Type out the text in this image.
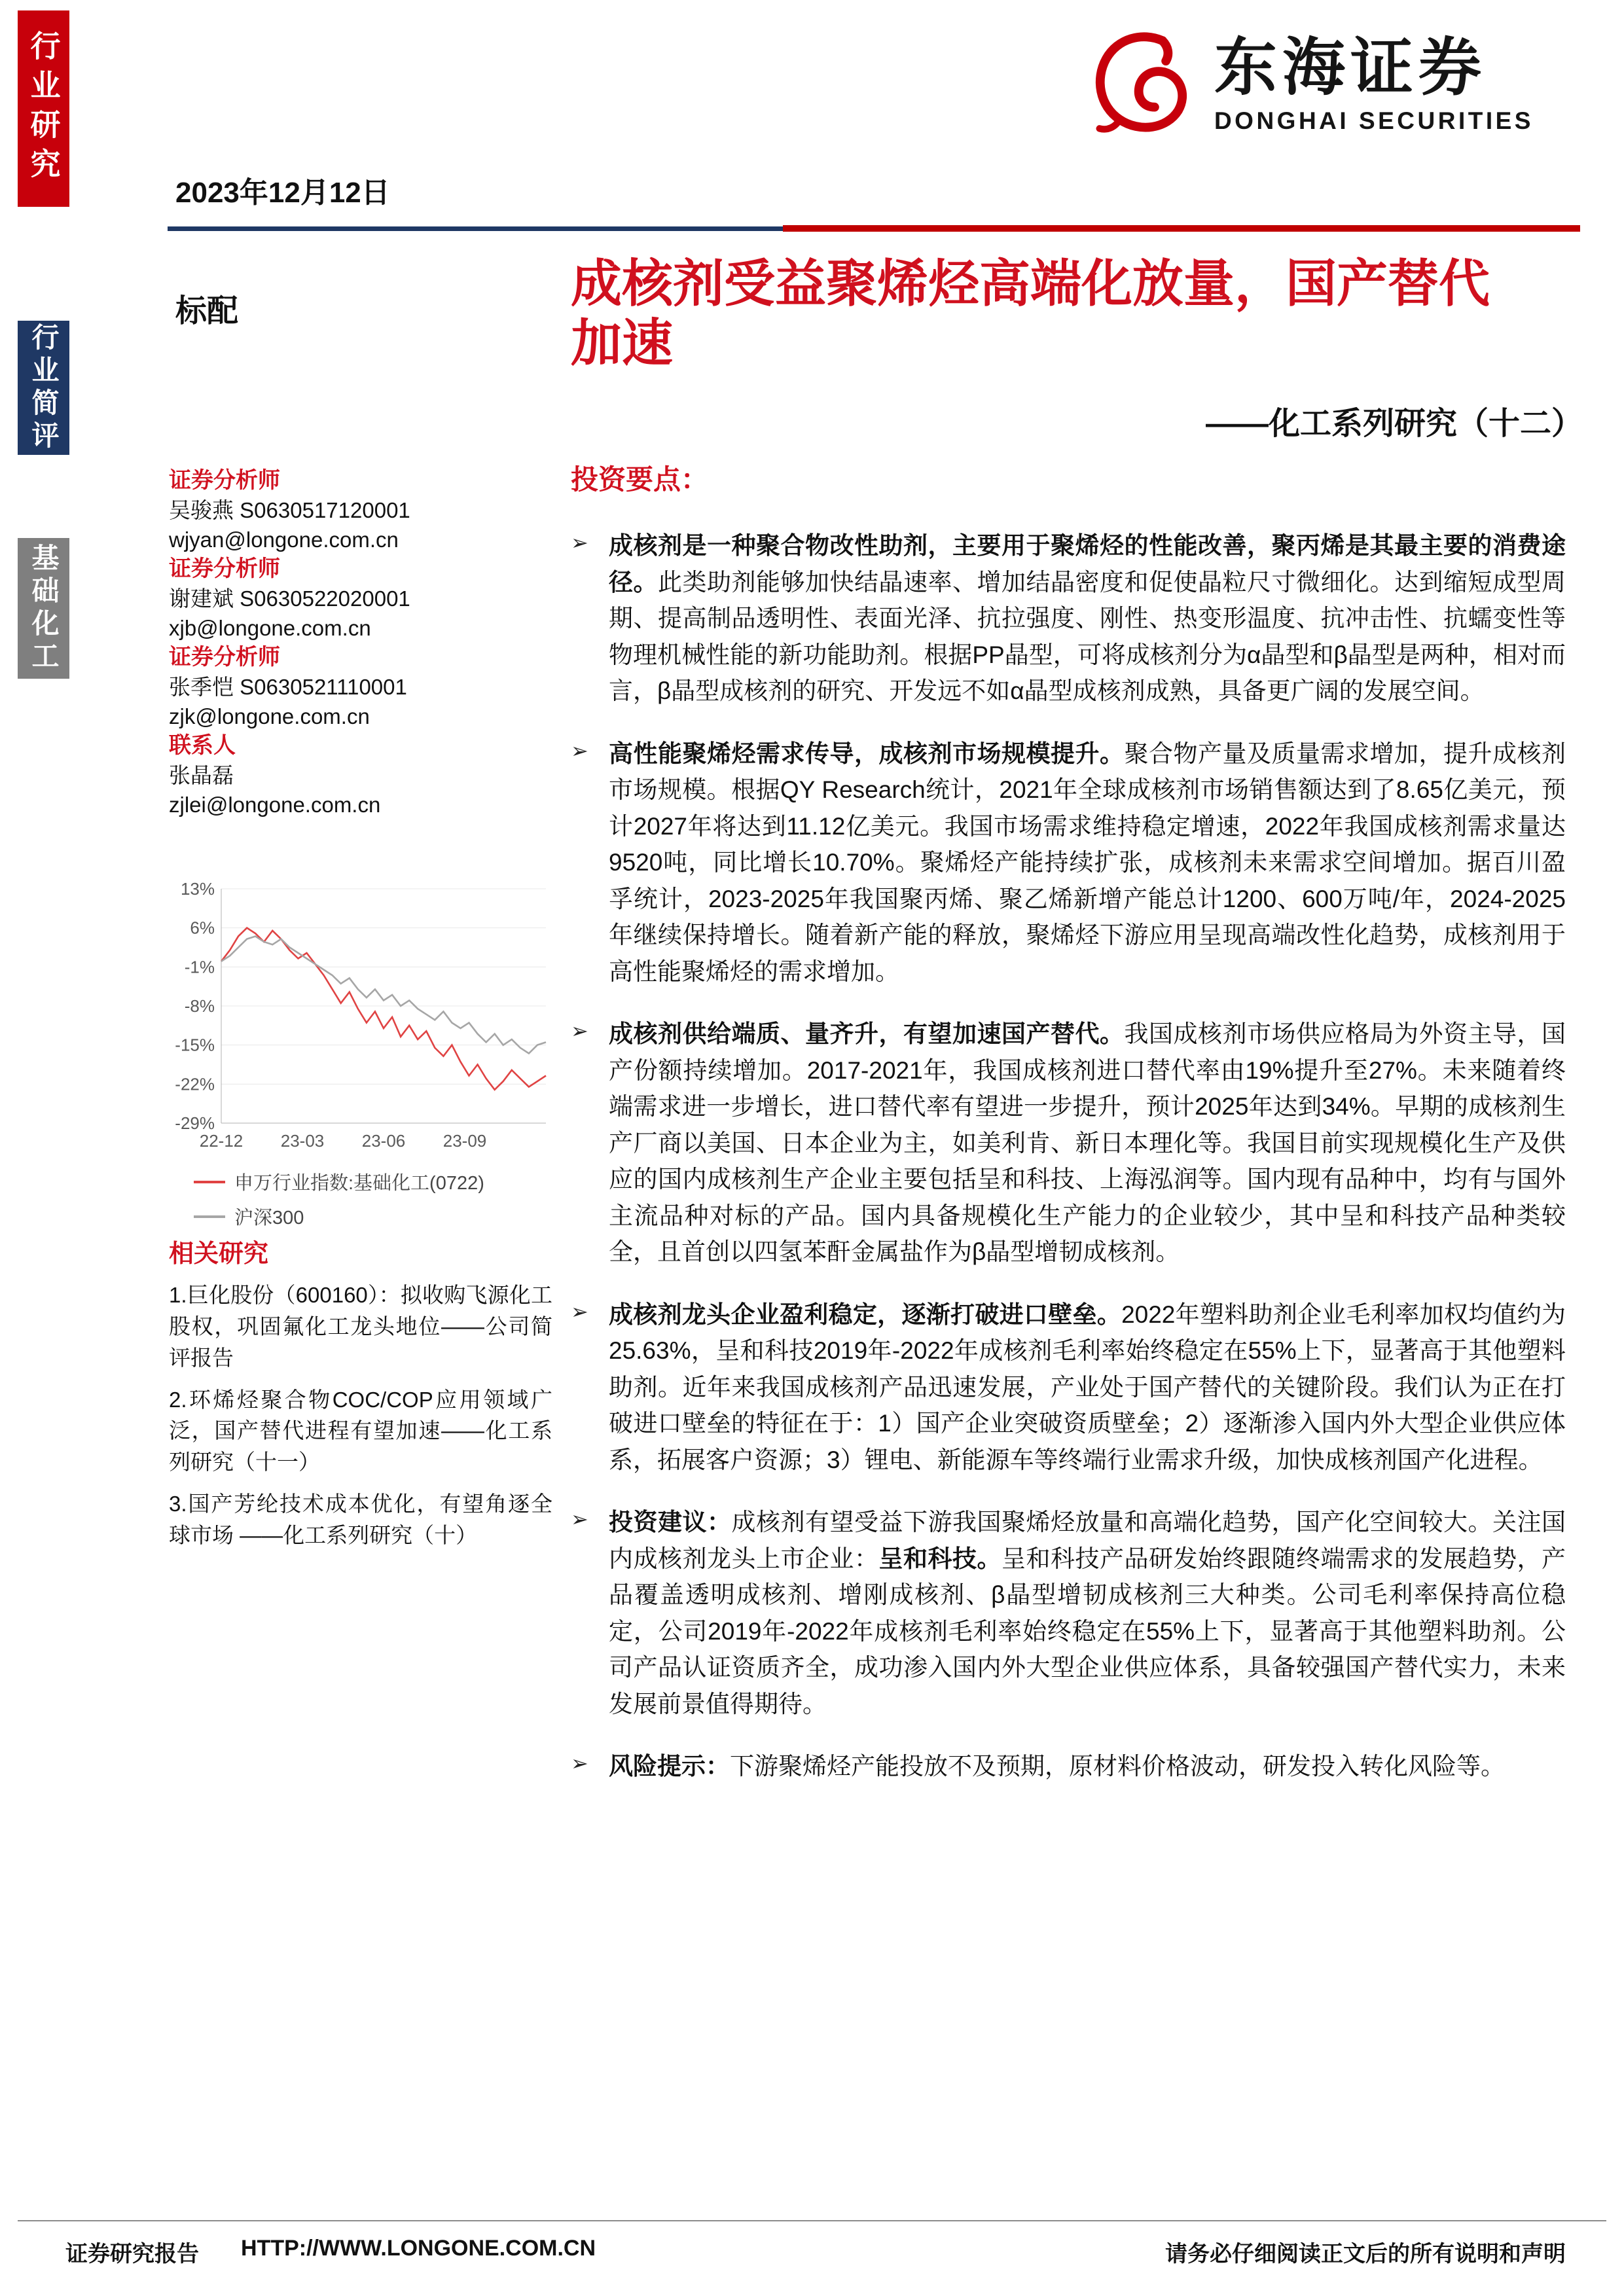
行业研究
行业简评
基础化工
东海证券
DONGHAI SECURITIES
2023年12月12日
标配	成核剂受益聚烯烃高端化放量，国产替代加速
——化工系列研究（十二）
证券分析师
吴骏燕 S0630517120001
wjyan@longone.com.cn
证券分析师
谢建斌 S0630522020001
xjb@longone.com.cn
证券分析师
张季恺 S0630521110001
zjk@longone.com.cn
联系人
张晶磊
zjlei@longone.com.cn
13%
6%
-1%
-8%
-15%
-22%
-29%
22-12 23-03 23-06 23-09
申万行业指数:基础化工(0722)
沪深300
相关研究
1.巨化股份（600160）：拟收购飞源化工股权，巩固氟化工龙头地位——公司简评报告
2.环烯烃聚合物COC/COP应用领域广泛，国产替代进程有望加速——化工系列研究（十一）
3.国产芳纶技术成本优化，有望角逐全球市场 ——化工系列研究（十）
投资要点：
➢ 成核剂是一种聚合物改性助剂，主要用于聚烯烃的性能改善，聚丙烯是其最主要的消费途径。此类助剂能够加快结晶速率、增加结晶密度和促使晶粒尺寸微细化。达到缩短成型周期、提高制品透明性、表面光泽、抗拉强度、刚性、热变形温度、抗冲击性、抗蠕变性等物理机械性能的新功能助剂。根据PP晶型，可将成核剂分为α晶型和β晶型是两种，相对而言，β晶型成核剂的研究、开发远不如α晶型成核剂成熟，具备更广阔的发展空间。
➢ 高性能聚烯烃需求传导，成核剂市场规模提升。聚合物产量及质量需求增加，提升成核剂市场规模。根据QY Research统计，2021年全球成核剂市场销售额达到了8.65亿美元，预计2027年将达到11.12亿美元。我国市场需求维持稳定增速，2022年我国成核剂需求量达9520吨，同比增长10.70%。聚烯烃产能持续扩张，成核剂未来需求空间增加。据百川盈孚统计，2023-2025年我国聚丙烯、聚乙烯新增产能总计1200、600万吨/年，2024-2025年继续保持增长。随着新产能的释放，聚烯烃下游应用呈现高端改性化趋势，成核剂用于高性能聚烯烃的需求增加。
➢ 成核剂供给端质、量齐升，有望加速国产替代。我国成核剂市场供应格局为外资主导，国产份额持续增加。2017-2021年，我国成核剂进口替代率由19%提升至27%。未来随着终端需求进一步增长，进口替代率有望进一步提升，预计2025年达到34%。早期的成核剂生产厂商以美国、日本企业为主，如美利肯、新日本理化等。我国目前实现规模化生产及供应的国内成核剂生产企业主要包括呈和科技、上海泓润等。国内现有品种中，均有与国外主流品种对标的产品。国内具备规模化生产能力的企业较少，其中呈和科技产品种类较全，且首创以四氢苯酐金属盐作为β晶型增韧成核剂。
➢ 成核剂龙头企业盈利稳定，逐渐打破进口壁垒。2022年塑料助剂企业毛利率加权均值约为25.63%，呈和科技2019年-2022年成核剂毛利率始终稳定在55%上下，显著高于其他塑料助剂。近年来我国成核剂产品迅速发展，产业处于国产替代的关键阶段。我们认为正在打破进口壁垒的特征在于：1）国产企业突破资质壁垒；2）逐渐渗入国内外大型企业供应体系，拓展客户资源；3）锂电、新能源车等终端行业需求升级，加快成核剂国产化进程。
➢ 投资建议：成核剂有望受益下游我国聚烯烃放量和高端化趋势，国产化空间较大。关注国内成核剂龙头上市企业：呈和科技。呈和科技产品研发始终跟随终端需求的发展趋势，产品覆盖透明成核剂、增刚成核剂、β晶型增韧成核剂三大种类。公司毛利率保持高位稳定，公司2019年-2022年成核剂毛利率始终稳定在55%上下，显著高于其他塑料助剂。公司产品认证资质齐全，成功渗入国内外大型企业供应体系，具备较强国产替代实力，未来发展前景值得期待。
➢ 风险提示：下游聚烯烃产能投放不及预期，原材料价格波动，研发投入转化风险等。
证券研究报告 HTTP://WWW.LONGONE.COM.CN	请务必仔细阅读正文后的所有说明和声明
